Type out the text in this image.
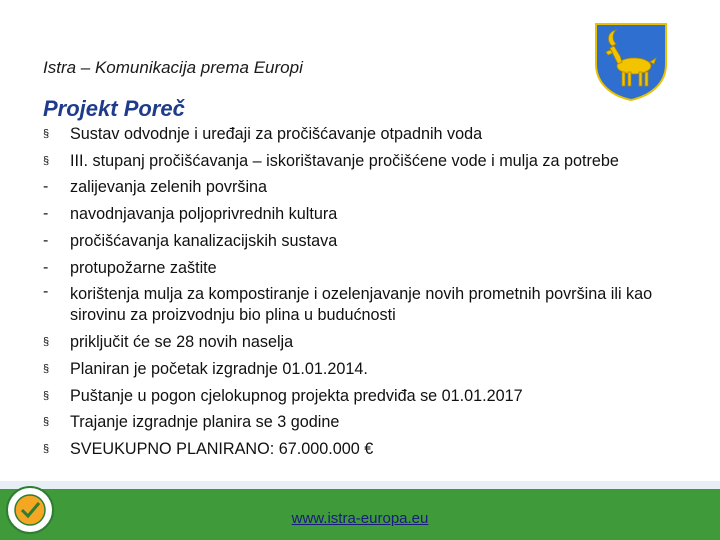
Istra – Komunikacija prema Europi
Projekt Poreč
§	Sustav odvodnje i uređaji za pročišćavanje otpadnih voda
§	III. stupanj pročišćavanja – iskorištavanje pročišćene vode i mulja za potrebe
-	zalijevanja zelenih površina
-	navodnjavanja poljoprivrednih kultura
-	pročišćavanja kanalizacijskih sustava
-	protupožarne zaštite
-	korištenja mulja za kompostiranje i ozelenjavanje novih prometnih površina ili kao sirovinu za proizvodnju bio plina u budućnosti
§	priključit će se 28 novih naselja
§	Planiran je početak izgradnje 01.01.2014.
§	Puštanje u pogon cjelokupnog projekta predviđa se 01.01.2017
§	Trajanje izgradnje planira se 3 godine
§	SVEUKUPNO PLANIRANO: 67.000.000 €
www.istra-europa.eu
